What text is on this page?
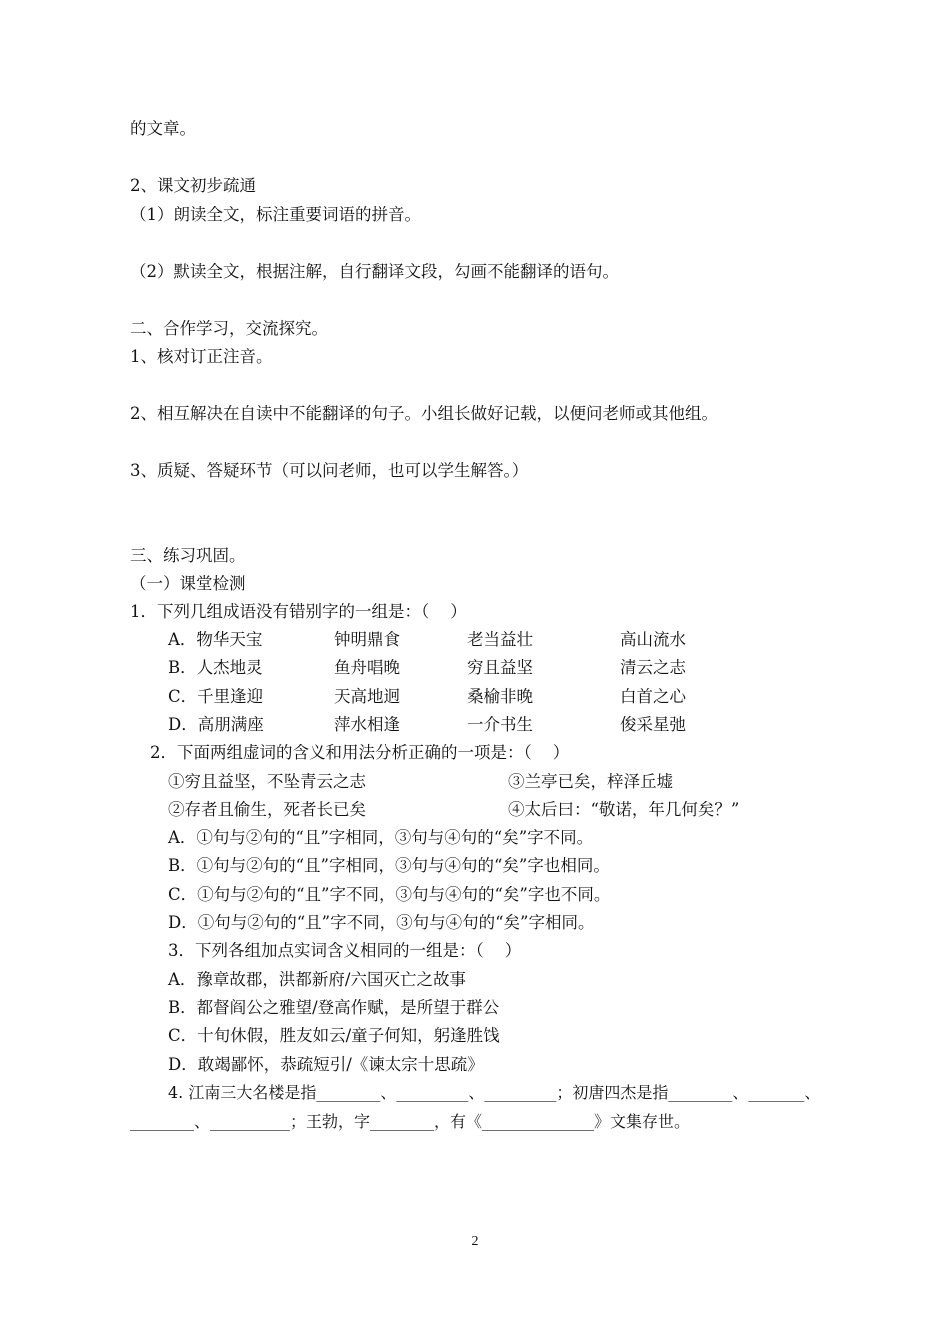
的文章。
2、课文初步疏通
（1）朗读全文，标注重要词语的拼音。
（2）默读全文，根据注解，自行翻译文段，勾画不能翻译的语句。
二、合作学习，交流探究。
1、核对订正注音。
2、相互解决在自读中不能翻译的句子。小组长做好记载，以便问老师或其他组。
3、质疑、答疑环节（可以问老师，也可以学生解答。）
三、练习巩固。
（一）课堂检测
1．下列几组成语没有错别字的一组是：（    ）
A．物华天宝	钟明鼎食	老当益壮	高山流水
B．人杰地灵	鱼舟唱晚	穷且益坚	清云之志
C．千里逢迎	天高地迥	桑榆非晚	白首之心
D．高朋满座	萍水相逢	一介书生	俊采星弛
2．下面两组虚词的含义和用法分析正确的一项是：（    ）
①穷且益坚，不坠青云之志	③兰亭已矣，梓泽丘墟
②存者且偷生，死者长已矣	④太后曰：“敬诺，年几何矣？”
A．①句与②句的“且”字相同，③句与④句的“矣”字不同。
B．①句与②句的“且”字相同，③句与④句的“矣”字也相同。
C．①句与②句的“且”字不同，③句与④句的“矣”字也不同。
D．①句与②句的“且”字不同，③句与④句的“矣”字相同。
3．下列各组加点实词含义相同的一组是：（    ）
A．豫章故郡，洪都新府/六国灭亡之故事
B．都督阎公之雅望/登高作赋，是所望于群公
C．十旬休假，胜友如云/童子何知，躬逢胜饯
D．敢竭鄙怀，恭疏短引/《谏太宗十思疏》
4. 江南三大名楼是指________、_________、_________；初唐四杰是指________、_______、
________、__________；王勃，字________，有《______________》文集存世。
2
